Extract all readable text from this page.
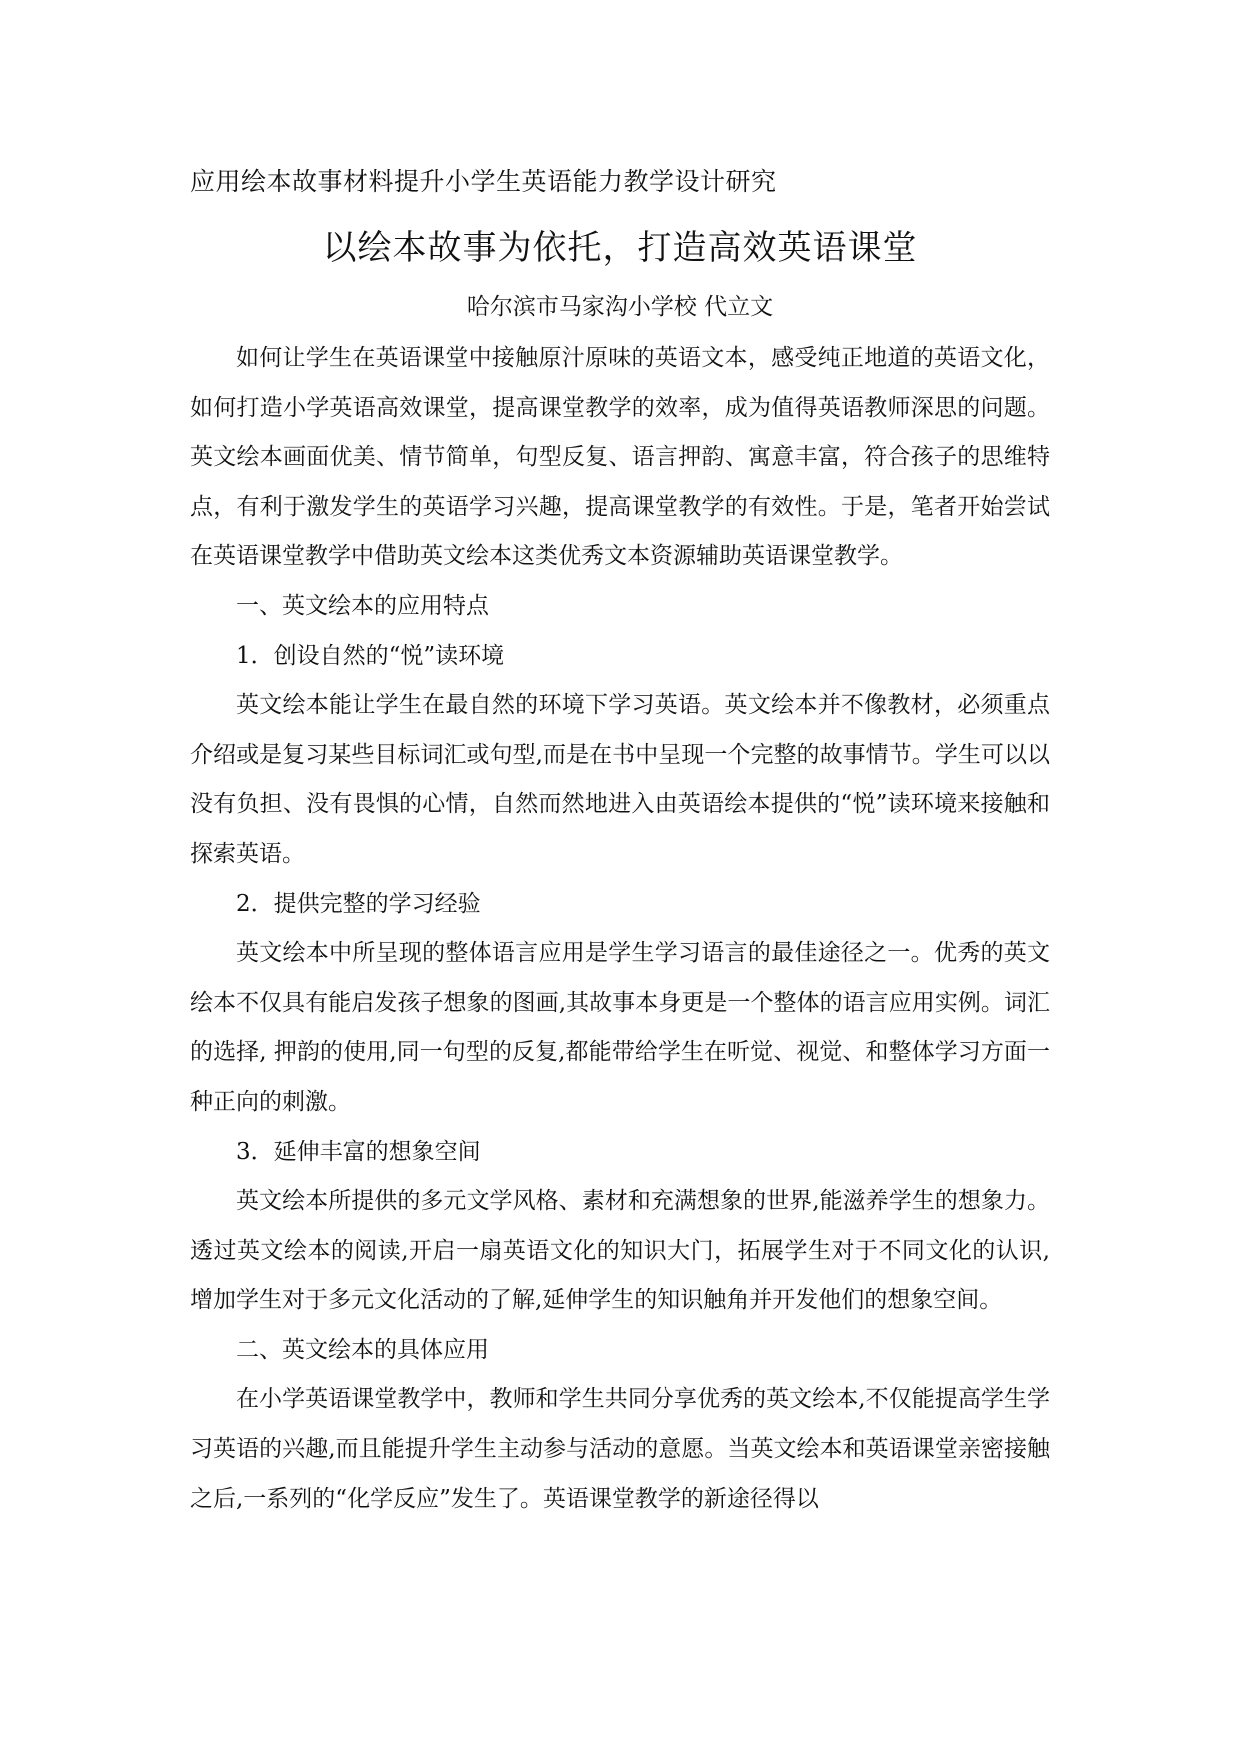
应用绘本故事材料提升小学生英语能力教学设计研究
以绘本故事为依托，打造高效英语课堂
哈尔滨市马家沟小学校 代立文

如何让学生在英语课堂中接触原汁原味的英语文本，感受纯正地道的英语文化，如何打造小学英语高效课堂，提高课堂教学的效率，成为值得英语教师深思的问题。英文绘本画面优美、情节简单，句型反复、语言押韵、寓意丰富，符合孩子的思维特点，有利于激发学生的英语学习兴趣，提高课堂教学的有效性。于是，笔者开始尝试在英语课堂教学中借助英文绘本这类优秀文本资源辅助英语课堂教学。

一、英文绘本的应用特点

1．创设自然的“悦”读环境

英文绘本能让学生在最自然的环境下学习英语。英文绘本并不像教材，必须重点介绍或是复习某些目标词汇或句型,而是在书中呈现一个完整的故事情节。学生可以以没有负担、没有畏惧的心情，自然而然地进入由英语绘本提供的“悦”读环境来接触和探索英语。

2．提供完整的学习经验

英文绘本中所呈现的整体语言应用是学生学习语言的最佳途径之一。优秀的英文绘本不仅具有能启发孩子想象的图画,其故事本身更是一个整体的语言应用实例。词汇的选择, 押韵的使用,同一句型的反复,都能带给学生在听觉、视觉、和整体学习方面一种正向的刺激。

3．延伸丰富的想象空间

英文绘本所提供的多元文学风格、素材和充满想象的世界,能滋养学生的想象力。透过英文绘本的阅读,开启一扇英语文化的知识大门，拓展学生对于不同文化的认识,增加学生对于多元文化活动的了解,延伸学生的知识触角并开发他们的想象空间。

二、英文绘本的具体应用

在小学英语课堂教学中，教师和学生共同分享优秀的英文绘本,不仅能提高学生学习英语的兴趣,而且能提升学生主动参与活动的意愿。当英文绘本和英语课堂亲密接触之后,一系列的“化学反应”发生了。英语课堂教学的新途径得以
